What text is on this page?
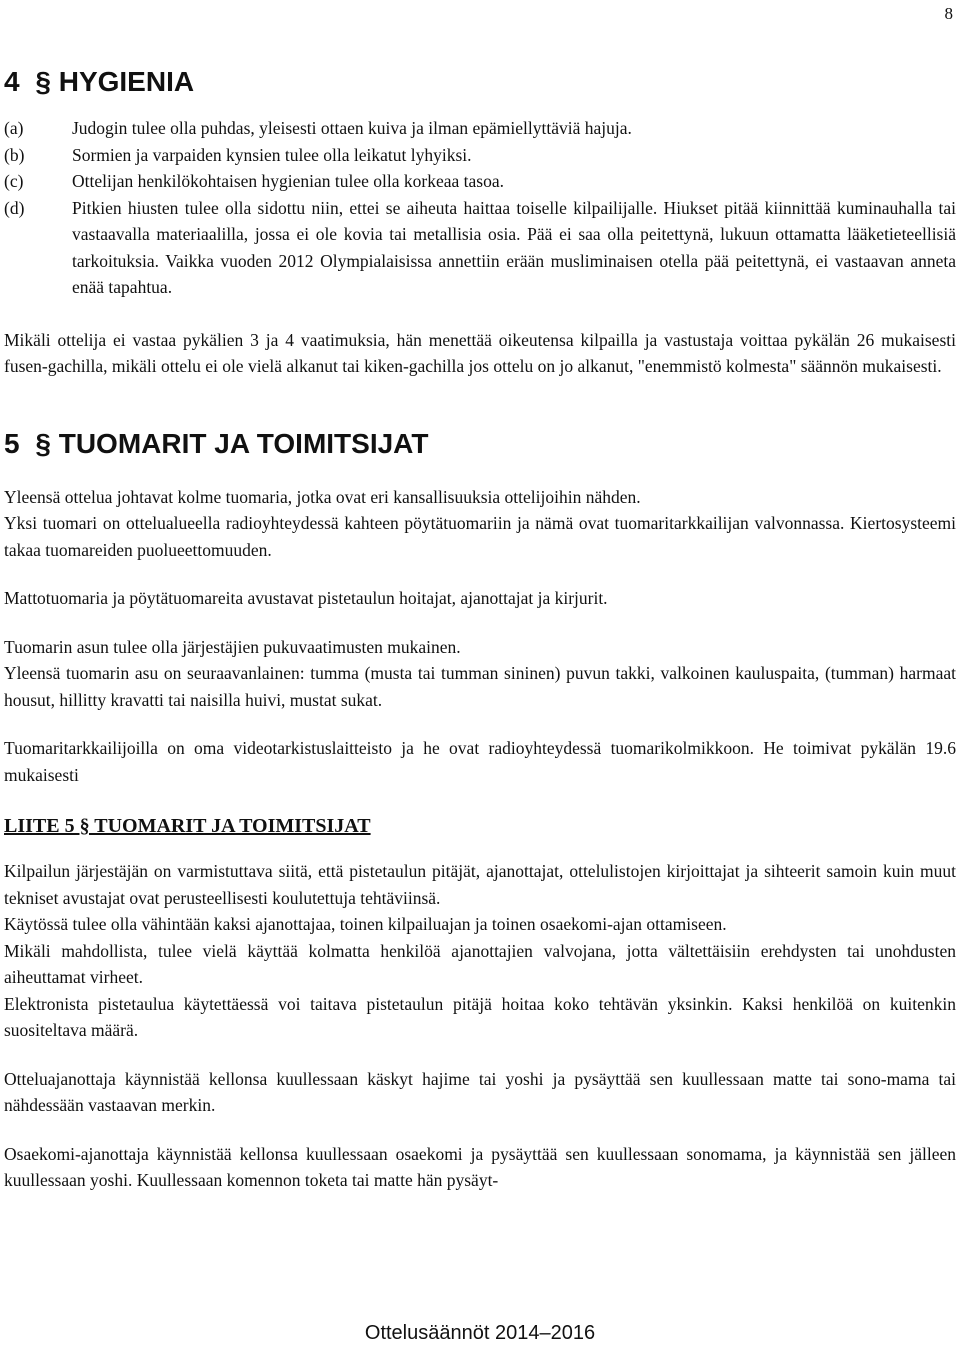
8
4 § HYGIENIA
(a)	Judogin tulee olla puhdas, yleisesti ottaen kuiva ja ilman epämiellyttäviä hajuja.
(b)	Sormien ja varpaiden kynsien tulee olla leikatut lyhyiksi.
(c)	Ottelijan henkilökohtaisen hygienian tulee olla korkeaa tasoa.
(d)	Pitkien hiusten tulee olla sidottu niin, ettei se aiheuta haittaa toiselle kilpailijalle. Hiukset pitää kiinnittää kuminauhalla tai vastaavalla materiaalilla, jossa ei ole kovia tai metallisia osia. Pää ei saa olla peitettynä, lukuun ottamatta lääketieteellisiä tarkoituksia. Vaikka vuoden 2012 Olympialaisissa annettiin erään musliminaisen otella pää peitettynä, ei vastaavan anneta enää tapahtua.

Mikäli ottelija ei vastaa pykälien 3 ja 4 vaatimuksia, hän menettää oikeutensa kilpailla ja vastustaja voittaa pykälän 26 mukaisesti fusen-gachilla, mikäli ottelu ei ole vielä alkanut tai kiken-gachilla jos ottelu on jo alkanut, "enemmistö kolmesta" säännön mukaisesti.

5 § TUOMARIT JA TOIMITSIJAT

Yleensä ottelua johtavat kolme tuomaria, jotka ovat eri kansallisuuksia ottelijoihin nähden.

Yksi tuomari on ottelualueella radioyhteydessä kahteen pöytätuomariin ja nämä ovat tuomaritarkkailijan valvonnassa. Kiertosysteemi takaa tuomareiden puolueettomuuden.

Mattotuomaria ja pöytätuomareita avustavat pistetaulun hoitajat, ajanottajat ja kirjurit.

Tuomarin asun tulee olla järjestäjien pukuvaatimusten mukainen.

Yleensä tuomarin asu on seuraavanlainen: tumma (musta tai tumman sininen) puvun takki, valkoinen kauluspaita, (tumman) harmaat housut, hillitty kravatti tai naisilla huivi, mustat sukat.

Tuomaritarkkailijoilla on oma videotarkistuslaitteisto ja he ovat radioyhteydessä tuomarikolmikkoon. He toimivat pykälän 19.6 mukaisesti

LIITE 5 § TUOMARIT JA TOIMITSIJAT

Kilpailun järjestäjän on varmistuttava siitä, että pistetaulun pitäjät, ajanottajat, ottelulistojen kirjoittajat ja sihteerit samoin kuin muut tekniset avustajat ovat perusteellisesti koulutettuja tehtäviinsä.

Käytössä tulee olla vähintään kaksi ajanottajaa, toinen kilpailuajan ja toinen osaekomi-ajan ottamiseen.

Mikäli mahdollista, tulee vielä käyttää kolmatta henkilöä ajanottajien valvojana, jotta vältettäisiin erehdysten tai unohdusten aiheuttamat virheet.

Elektronista pistetaulua käytettäessä voi taitava pistetaulun pitäjä hoitaa koko tehtävän yksinkin. Kaksi henkilöä on kuitenkin suositeltava määrä.

Otteluajanottaja käynnistää kellonsa kuullessaan käskyt hajime tai yoshi ja pysäyttää sen kuullessaan matte tai sono-mama tai nähdessään vastaavan merkin.

Osaekomi-ajanottaja käynnistää kellonsa kuullessaan osaekomi ja pysäyttää sen kuullessaan sonomama, ja käynnistää sen jälleen kuullessaan yoshi. Kuullessaan komennon toketa tai matte hän pysäyt-

Ottelusäännöt 2014–2016
